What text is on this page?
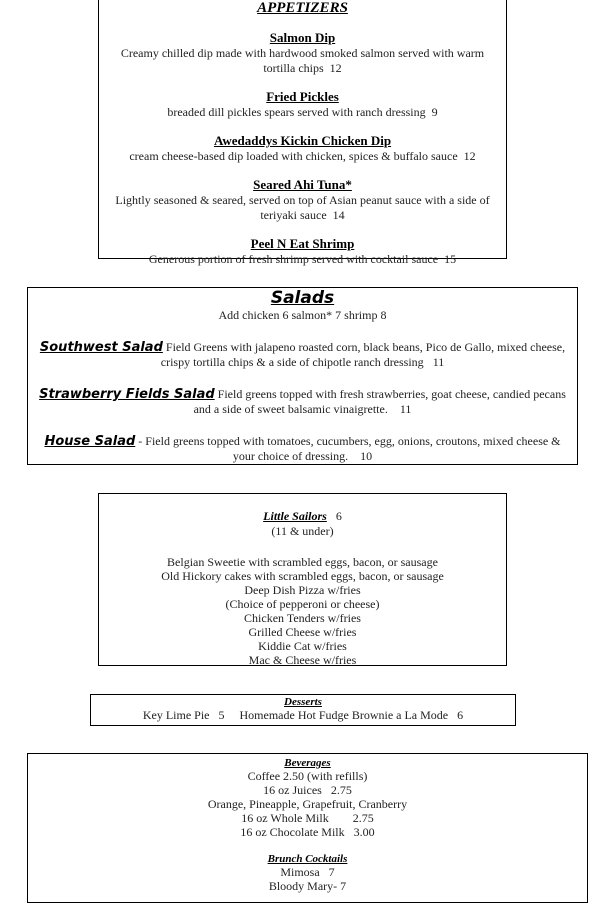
APPETIZERS
Salmon Dip
Creamy chilled dip made with hardwood smoked salmon served with warm tortilla chips 12
Fried Pickles
breaded dill pickles spears served with ranch dressing 9
Awedaddys Kickin Chicken Dip
cream cheese-based dip loaded with chicken, spices & buffalo sauce 12
Seared Ahi Tuna*
Lightly seasoned & seared, served on top of Asian peanut sauce with a side of teriyaki sauce 14
Peel N Eat Shrimp
Generous portion of fresh shrimp served with cocktail sauce 15
Salads
Add chicken 6 salmon* 7 shrimp 8
Southwest Salad Field Greens with jalapeno roasted corn, black beans, Pico de Gallo, mixed cheese, crispy tortilla chips & a side of chipotle ranch dressing 11
Strawberry Fields Salad Field greens topped with fresh strawberries, goat cheese, candied pecans and a side of sweet balsamic vinaigrette. 11
House Salad - Field greens topped with tomatoes, cucumbers, egg, onions, croutons, mixed cheese & your choice of dressing. 10
Little Sailors 6
(11 & under)
Belgian Sweetie with scrambled eggs, bacon, or sausage
Old Hickory cakes with scrambled eggs, bacon, or sausage
Deep Dish Pizza w/fries
(Choice of pepperoni or cheese)
Chicken Tenders w/fries
Grilled Cheese w/fries
Kiddie Cat w/fries
Mac & Cheese w/fries
Desserts
Key Lime Pie   5     Homemade Hot Fudge Brownie a La Mode   6
Beverages
Coffee 2.50 (with refills)
16 oz Juices   2.75
Orange, Pineapple, Grapefruit, Cranberry
16 oz Whole Milk        2.75
16 oz Chocolate Milk   3.00
Brunch Cocktails
Mimosa   7
Bloody Mary- 7
